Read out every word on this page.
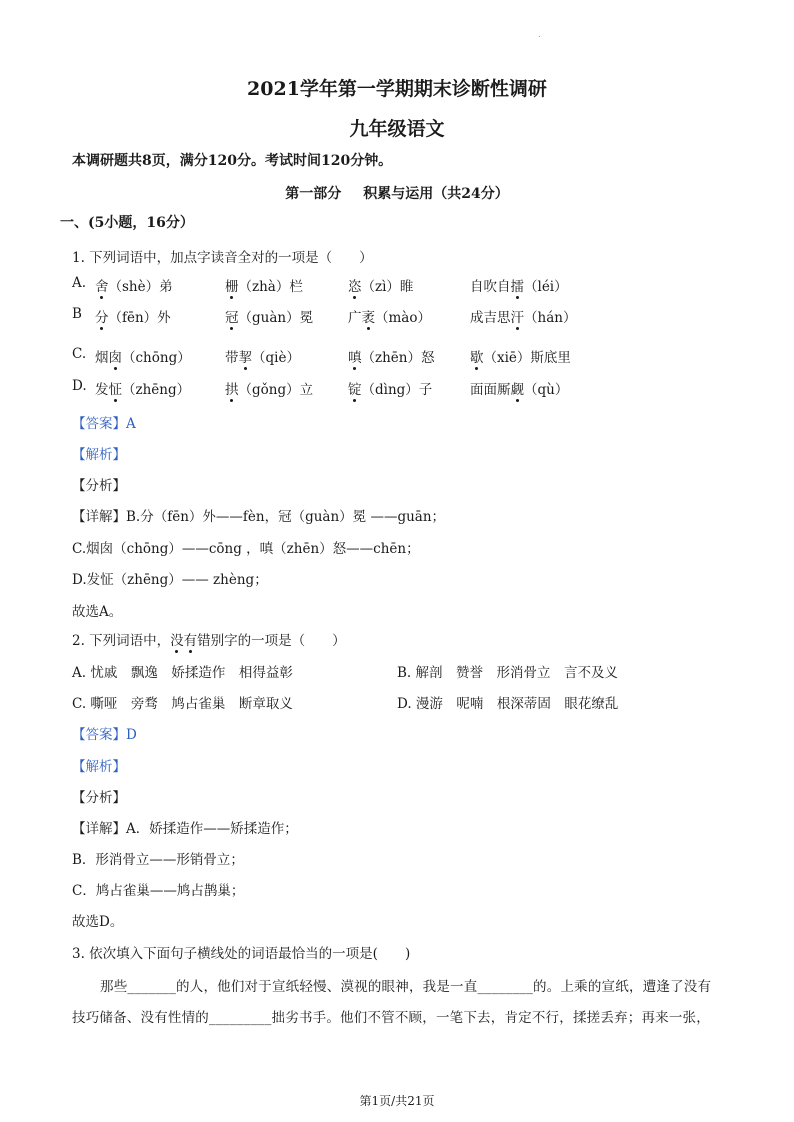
.
2021学年第一学期期末诊断性调研
九年级语文
本调研题共8页，满分120分。考试时间120分钟。
第一部分 积累与运用（共24分）
一、(5小题，16分）
1. 下列词语中，加点字读音全对的一项是（　　）
A. 舍（shè）弟	栅（zhà）栏	恣（zì）睢	自吹自擂（léi）
B 分（fēn）外	冠（guàn）冕	广袤（mào）	成吉思汗（hán）
C. 烟囱（chōng）	带挈（qiè）	嗔（zhēn）怒	歇（xiē）斯底里
D. 发怔（zhēng）	拱（gǒng）立	锭（dìng）子	面面厮觑（qù）
【答案】A
【解析】
【分析】
【详解】B.分（fēn）外——fèn，冠（guàn）冕 ——guān；
C.烟囱（chōng）——cōng ，嗔（zhēn）怒——chēn；
D.发怔（zhēng）—— zhèng；
故选A。
2. 下列词语中，没有错别字的一项是（　　）
A. 忧戚　飘逸　娇揉造作　相得益彰	B. 解剖　赞誉　形消骨立　言不及义
C. 嘶哑　旁骛　鸠占雀巢　断章取义	D. 漫游　呢喃　根深蒂固　眼花缭乱
【答案】D
【解析】
【分析】
【详解】A．娇揉造作——矫揉造作；
B．形消骨立——形销骨立；
C．鸠占雀巢——鸠占鹊巢；
故选D。
3. 依次填入下面句子横线处的词语最恰当的一项是(　　)
那些_______的人，他们对于宣纸轻慢、漠视的眼神，我是一直________的。上乘的宣纸，遭逢了没有
技巧储备、没有性情的_________拙劣书手。他们不管不顾，一笔下去，肯定不行，揉搓丢弃；再来一张，
第1页/共21页
